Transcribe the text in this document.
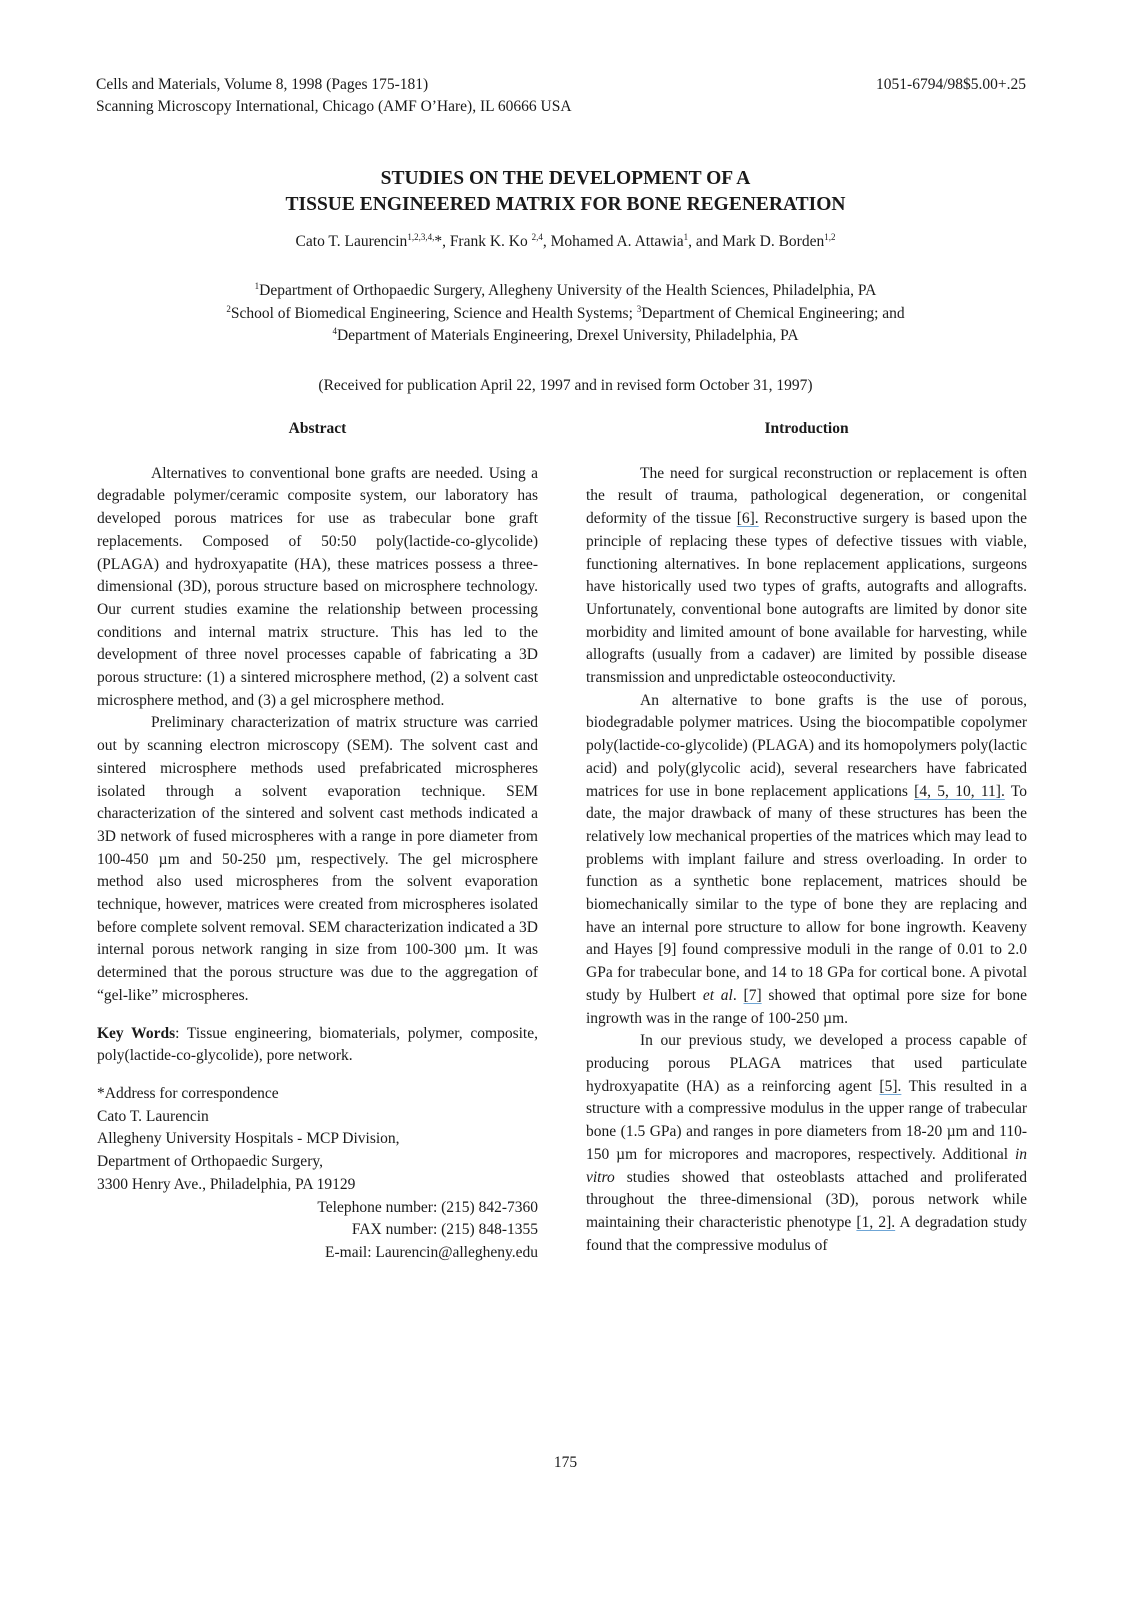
Cells and Materials, Volume 8, 1998 (Pages 175-181)
Scanning Microscopy International, Chicago (AMF O’Hare), IL 60666 USA
1051-6794/98$5.00+.25
STUDIES ON THE DEVELOPMENT OF A
TISSUE ENGINEERED MATRIX FOR BONE REGENERATION
Cato T. Laurencin$^{1,2,3,4,}$*, Frank K. Ko $^{2,4}$, Mohamed A. Attawia$^1$, and Mark D. Borden$^{1,2}$
$^1$Department of Orthopaedic Surgery, Allegheny University of the Health Sciences, Philadelphia, PA
$^2$School of Biomedical Engineering, Science and Health Systems; $^3$Department of Chemical Engineering; and
$^4$Department of Materials Engineering, Drexel University, Philadelphia, PA
(Received for publication April 22, 1997 and in revised form October 31, 1997)
Abstract

Alternatives to conventional bone grafts are needed. Using a degradable polymer/ceramic composite system, our laboratory has developed porous matrices for use as trabecular bone graft replacements. Composed of 50:50 poly(lactide-co-glycolide) (PLAGA) and hydroxyapatite (HA), these matrices possess a three-dimensional (3D), porous structure based on microsphere technology. Our current studies examine the relationship between processing conditions and internal matrix structure. This has led to the development of three novel processes capable of fabricating a 3D porous structure: (1) a sintered microsphere method, (2) a solvent cast microsphere method, and (3) a gel microsphere method.

Preliminary characterization of matrix structure was carried out by scanning electron microscopy (SEM). The solvent cast and sintered microsphere methods used prefabricated microspheres isolated through a solvent evaporation technique. SEM characterization of the sintered and solvent cast methods indicated a 3D network of fused microspheres with a range in pore diameter from 100-450 µm and 50-250 µm, respectively. The gel microsphere method also used microspheres from the solvent evaporation technique, however, matrices were created from microspheres isolated before complete solvent removal. SEM characterization indicated a 3D internal porous network ranging in size from 100-300 µm. It was determined that the porous structure was due to the aggregation of “gel-like” microspheres.

Key Words: Tissue engineering, biomaterials, polymer, composite, poly(lactide-co-glycolide), pore network.

*Address for correspondence
Cato T. Laurencin
Allegheny University Hospitals - MCP Division,
Department of Orthopaedic Surgery,
3300 Henry Ave., Philadelphia, PA 19129
Telephone number: (215) 842-7360
FAX number: (215) 848-1355
E-mail: Laurencin@allegheny.edu
Introduction

The need for surgical reconstruction or replacement is often the result of trauma, pathological degeneration, or congenital deformity of the tissue [6]. Reconstructive surgery is based upon the principle of replacing these types of defective tissues with viable, functioning alternatives. In bone replacement applications, surgeons have historically used two types of grafts, autografts and allografts. Unfortunately, conventional bone autografts are limited by donor site morbidity and limited amount of bone available for harvesting, while allografts (usually from a cadaver) are limited by possible disease transmission and unpredictable osteoconductivity.

An alternative to bone grafts is the use of porous, biodegradable polymer matrices. Using the biocompatible copolymer poly(lactide-co-glycolide) (PLAGA) and its homopolymers poly(lactic acid) and poly(glycolic acid), several researchers have fabricated matrices for use in bone replacement applications [4, 5, 10, 11]. To date, the major drawback of many of these structures has been the relatively low mechanical properties of the matrices which may lead to problems with implant failure and stress overloading. In order to function as a synthetic bone replacement, matrices should be biomechanically similar to the type of bone they are replacing and have an internal pore structure to allow for bone ingrowth. Keaveny and Hayes [9] found compressive moduli in the range of 0.01 to 2.0 GPa for trabecular bone, and 14 to 18 GPa for cortical bone. A pivotal study by Hulbert et al. [7] showed that optimal pore size for bone ingrowth was in the range of 100-250 µm.

In our previous study, we developed a process capable of producing porous PLAGA matrices that used particulate hydroxyapatite (HA) as a reinforcing agent [5]. This resulted in a structure with a compressive modulus in the upper range of trabecular bone (1.5 GPa) and ranges in pore diameters from 18-20 µm and 110-150 µm for micropores and macropores, respectively. Additional in vitro studies showed that osteoblasts attached and proliferated throughout the three-dimensional (3D), porous network while maintaining their characteristic phenotype [1, 2]. A degradation study found that the compressive modulus of

175
